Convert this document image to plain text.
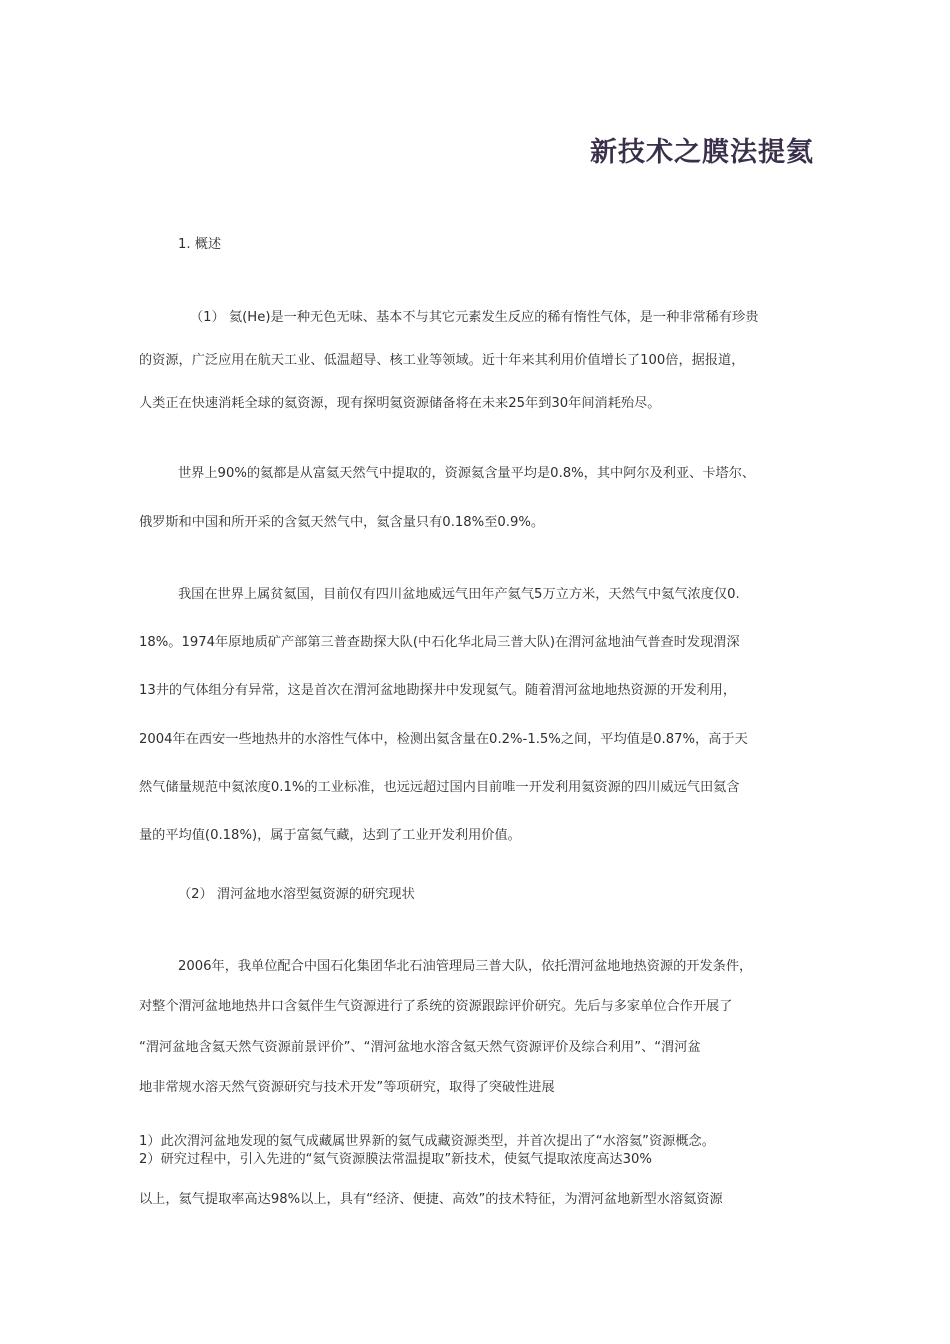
新技术之膜法提氦
1. 概述
（1） 氦(He)是一种无色无味、基本不与其它元素发生反应的稀有惰性气体，是一种非常稀有珍贵
的资源，广泛应用在航天工业、低温超导、核工业等领域。近十年来其利用价值增长了100倍，据报道，
人类正在快速消耗全球的氦资源，现有探明氦资源储备将在未来25年到30年间消耗殆尽。
世界上90%的氦都是从富氦天然气中提取的，资源氦含量平均是0.8%，其中阿尔及利亚、卡塔尔、
俄罗斯和中国和所开采的含氦天然气中，氦含量只有0.18%至0.9%。
我国在世界上属贫氦国，目前仅有四川盆地威远气田年产氦气5万立方米，天然气中氦气浓度仅0.
18%。1974年原地质矿产部第三普查勘探大队(中石化华北局三普大队)在渭河盆地油气普查时发现渭深
13井的气体组分有异常，这是首次在渭河盆地勘探井中发现氦气。随着渭河盆地地热资源的开发利用，
2004年在西安一些地热井的水溶性气体中，检测出氦含量在0.2%-1.5%之间，平均值是0.87%，高于天
然气储量规范中氦浓度0.1%的工业标准，也远远超过国内目前唯一开发利用氦资源的四川威远气田氦含
量的平均值(0.18%)，属于富氦气藏，达到了工业开发利用价值。
（2） 渭河盆地水溶型氦资源的研究现状
2006年，我单位配合中国石化集团华北石油管理局三普大队，依托渭河盆地地热资源的开发条件，
对整个渭河盆地地热井口含氦伴生气资源进行了系统的资源跟踪评价研究。先后与多家单位合作开展了
“渭河盆地含氦天然气资源前景评价”、“渭河盆地水溶含氦天然气资源评价及综合利用”、“渭河盆
地非常规水溶天然气资源研究与技术开发”等项研究，取得了突破性进展
1）此次渭河盆地发现的氦气成藏属世界新的氦气成藏资源类型，并首次提出了“水溶氦”资源概念。
2）研究过程中，引入先进的“氦气资源膜法常温提取”新技术，使氦气提取浓度高达30%
以上，氦气提取率高达98%以上，具有“经济、便捷、高效”的技术特征，为渭河盆地新型水溶氦资源
